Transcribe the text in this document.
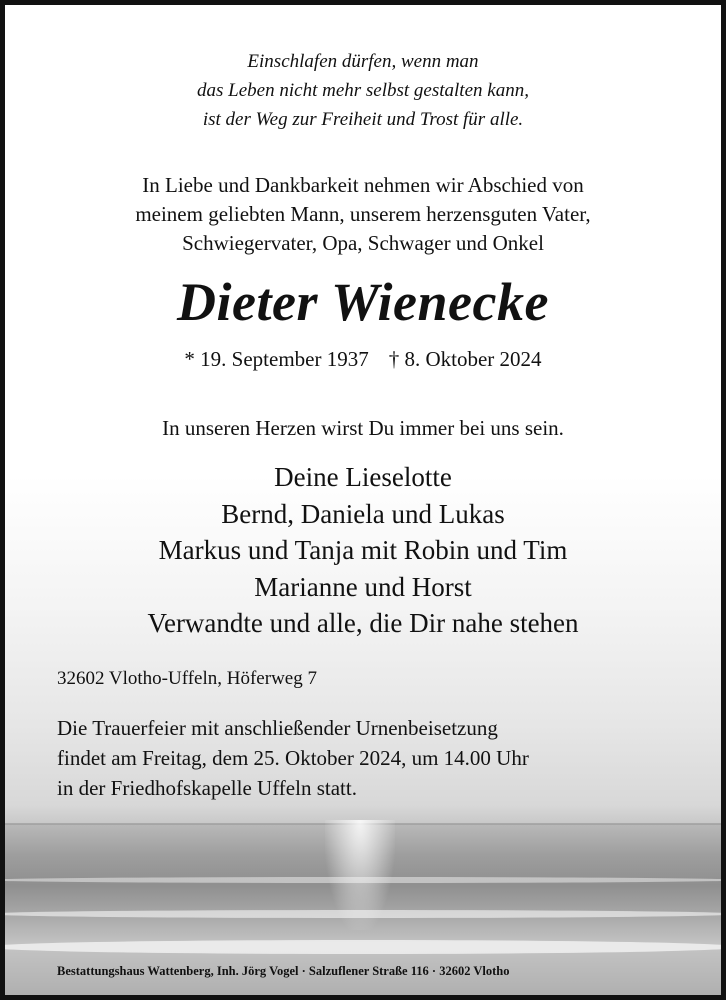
Einschlafen dürfen, wenn man
das Leben nicht mehr selbst gestalten kann,
ist der Weg zur Freiheit und Trost für alle.
In Liebe und Dankbarkeit nehmen wir Abschied von
meinem geliebten Mann, unserem herzensguten Vater,
Schwiegervater, Opa, Schwager und Onkel
Dieter Wienecke
* 19. September 1937 † 8. Oktober 2024
In unseren Herzen wirst Du immer bei uns sein.
Deine Lieselotte
Bernd, Daniela und Lukas
Markus und Tanja mit Robin und Tim
Marianne und Horst
Verwandte und alle, die Dir nahe stehen
32602 Vlotho-Uffeln, Höferweg 7
Die Trauerfeier mit anschließender Urnenbeisetzung
findet am Freitag, dem 25. Oktober 2024, um 14.00 Uhr
in der Friedhofskapelle Uffeln statt.
Bestattungshaus Wattenberg, Inh. Jörg Vogel · Salzuflener Straße 116 · 32602 Vlotho
